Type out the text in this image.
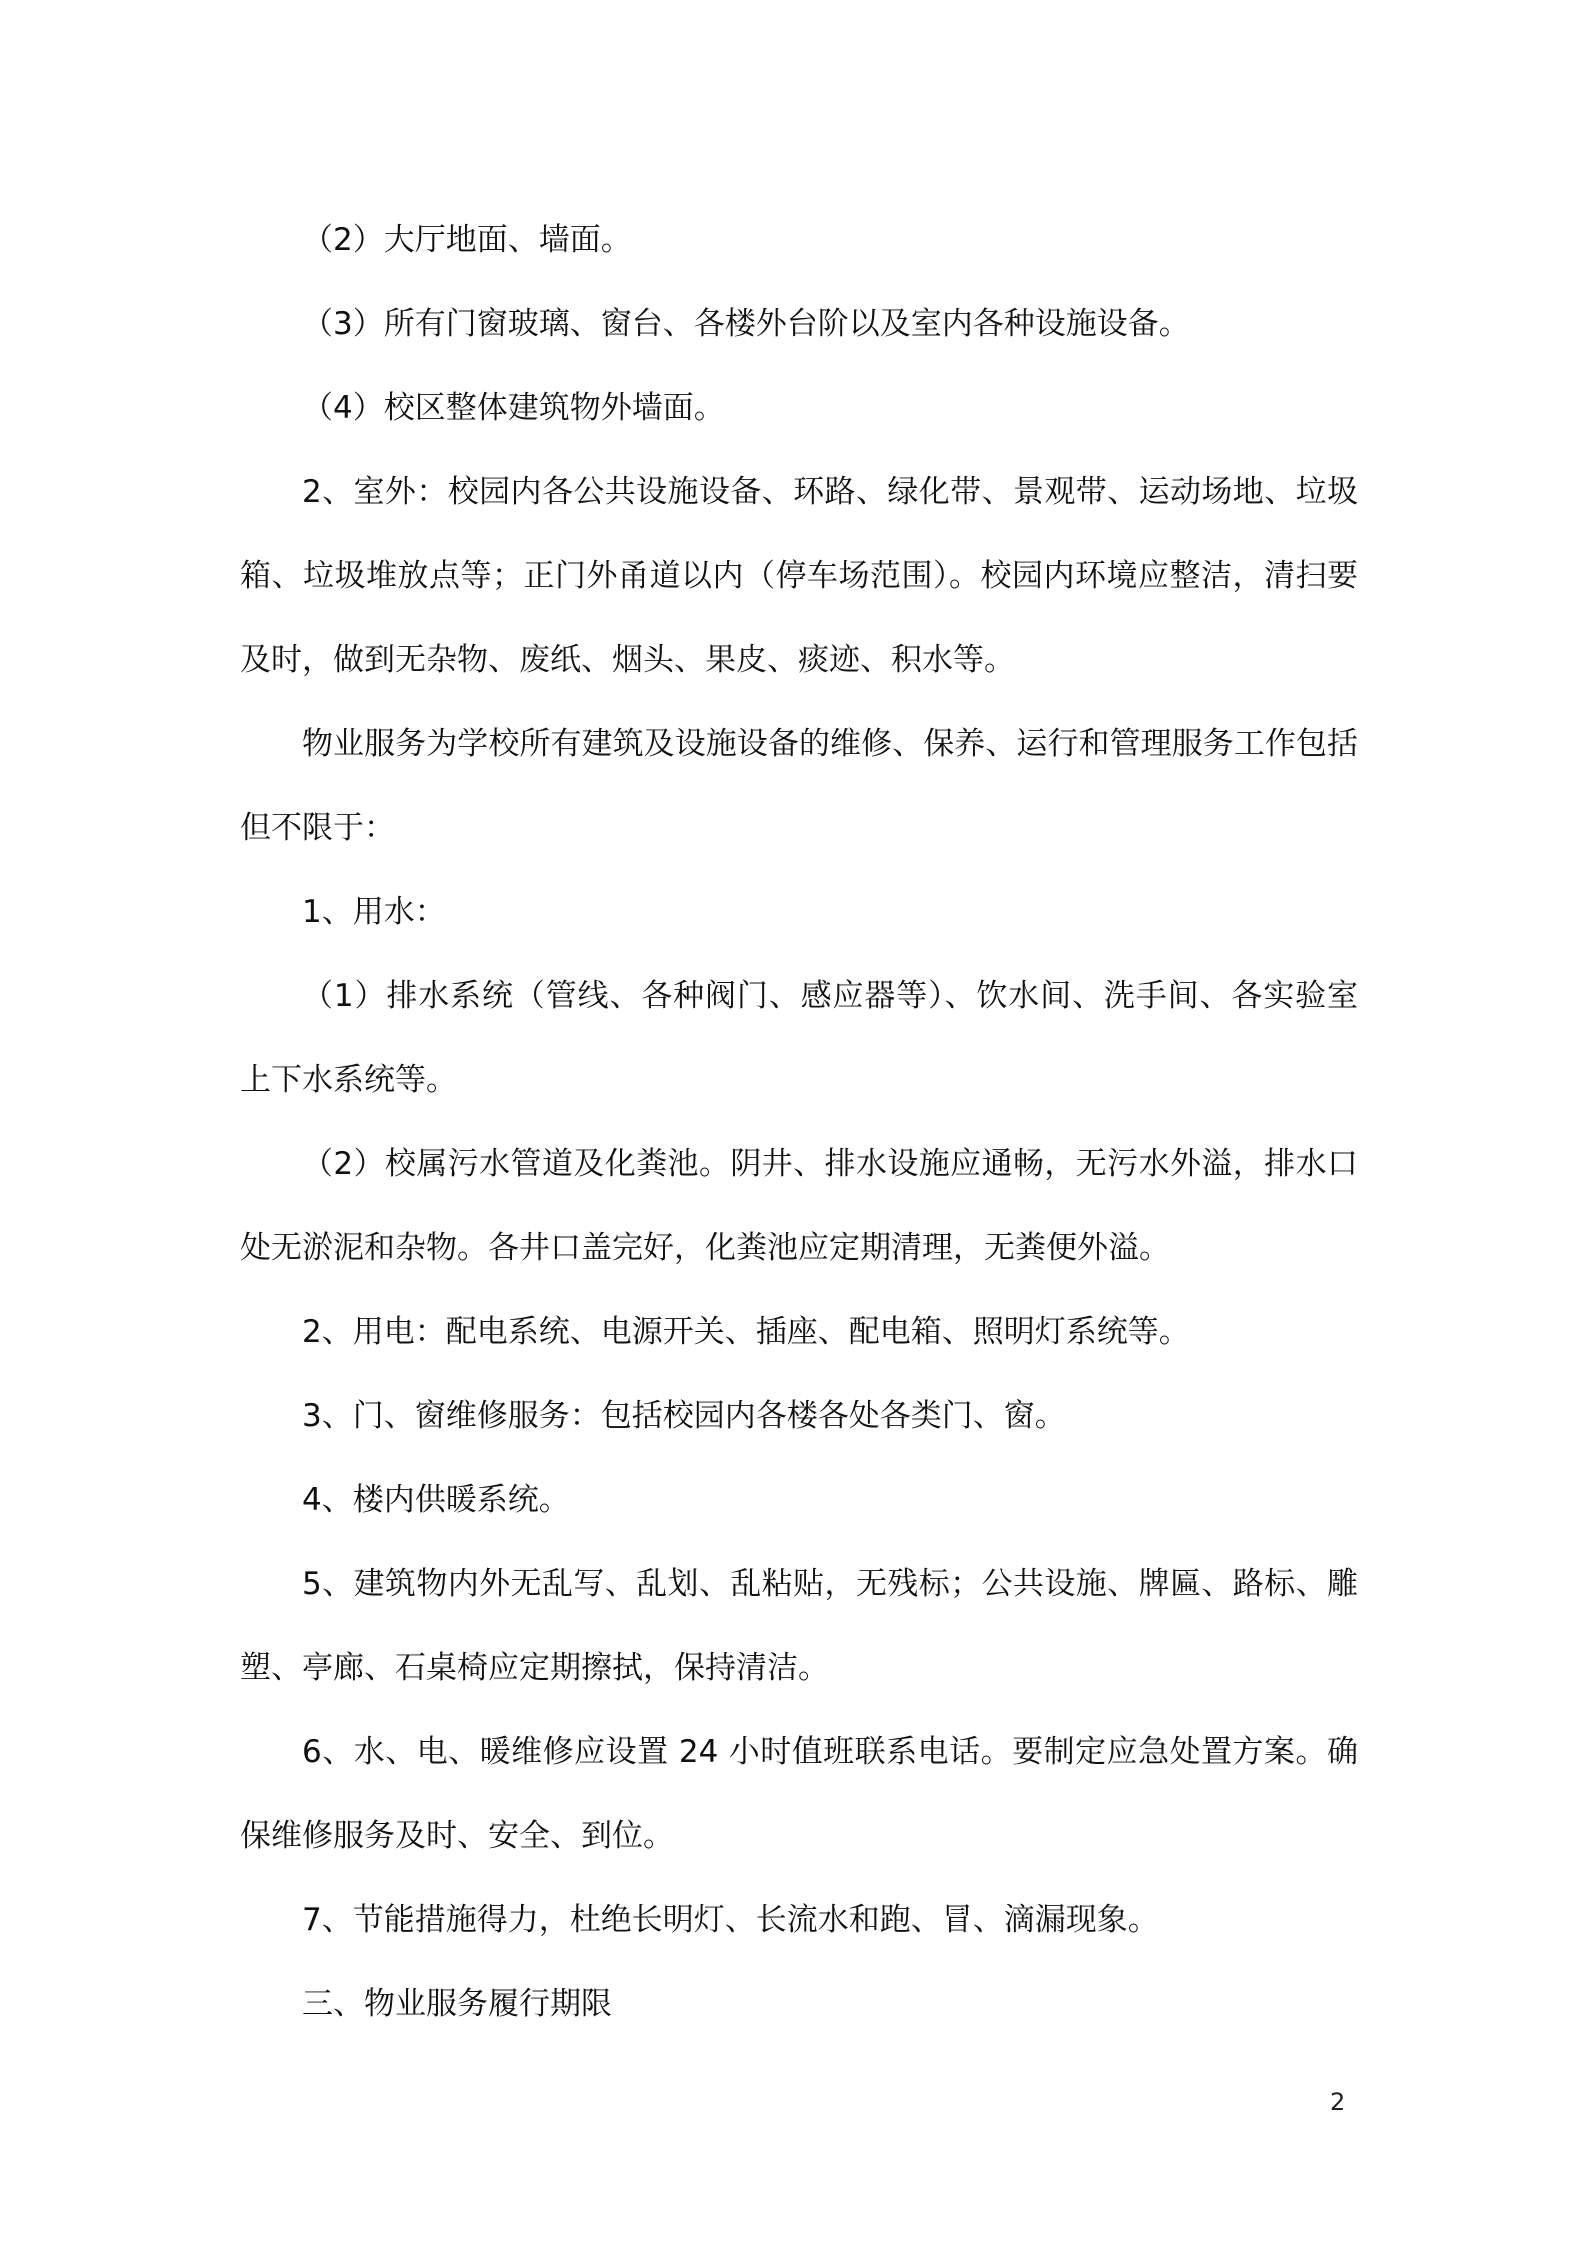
（2）大厅地面、墙面。

（3）所有门窗玻璃、窗台、各楼外台阶以及室内各种设施设备。

（4）校区整体建筑物外墙面。

2、室外：校园内各公共设施设备、环路、绿化带、景观带、运动场地、垃圾箱、垃圾堆放点等；正门外甬道以内（停车场范围）。校园内环境应整洁，清扫要及时，做到无杂物、废纸、烟头、果皮、痰迹、积水等。

物业服务为学校所有建筑及设施设备的维修、保养、运行和管理服务工作包括但不限于：

1、用水：

（1）排水系统（管线、各种阀门、感应器等）、饮水间、洗手间、各实验室上下水系统等。

（2）校属污水管道及化粪池。阴井、排水设施应通畅，无污水外溢，排水口处无淤泥和杂物。各井口盖完好，化粪池应定期清理，无粪便外溢。

2、用电：配电系统、电源开关、插座、配电箱、照明灯系统等。

3、门、窗维修服务：包括校园内各楼各处各类门、窗。

4、楼内供暖系统。

5、建筑物内外无乱写、乱划、乱粘贴，无残标；公共设施、牌匾、路标、雕塑、亭廊、石桌椅应定期擦拭，保持清洁。

6、水、电、暖维修应设置 24 小时值班联系电话。要制定应急处置方案。确保维修服务及时、安全、到位。

7、节能措施得力，杜绝长明灯、长流水和跑、冒、滴漏现象。

三、物业服务履行期限

2
